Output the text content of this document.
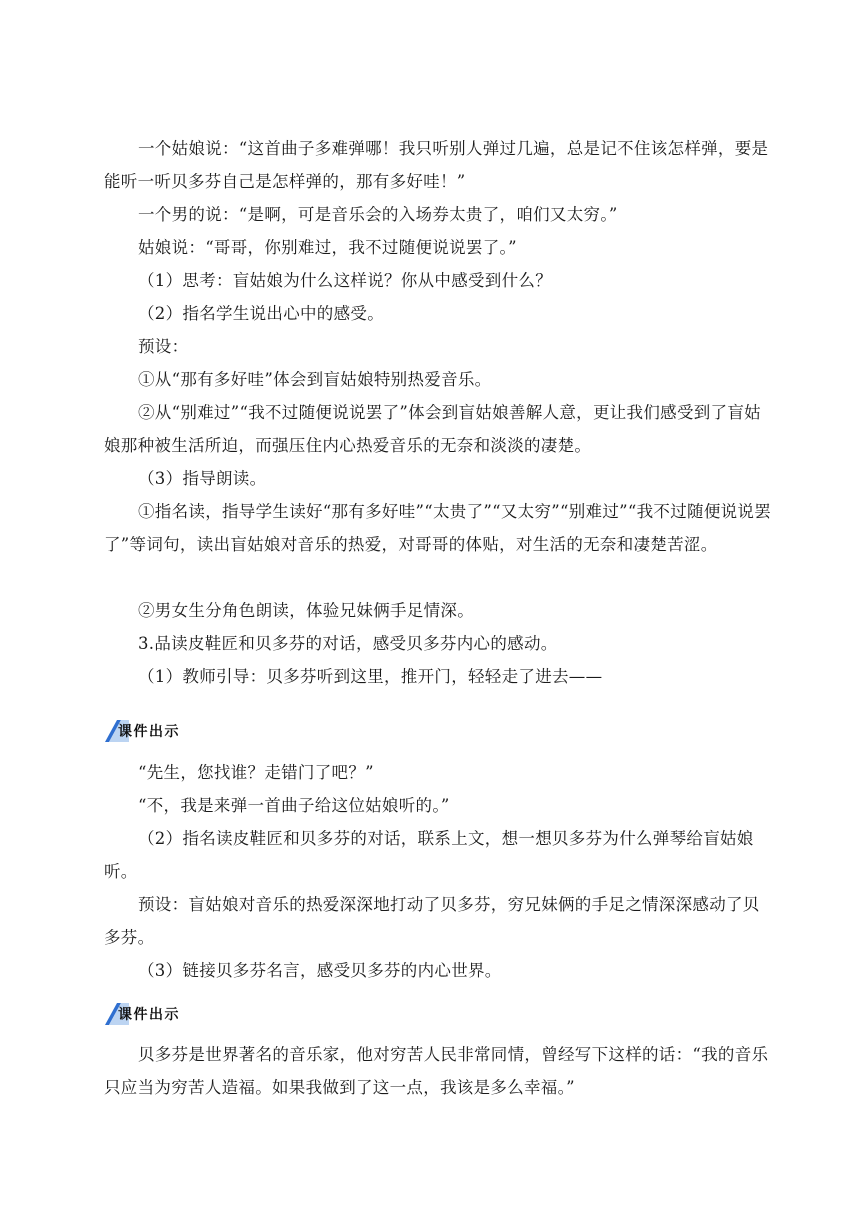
一个姑娘说：“这首曲子多难弹哪！我只听别人弹过几遍，总是记不住该怎样弹，要是能听一听贝多芬自己是怎样弹的，那有多好哇！”

一个男的说：“是啊，可是音乐会的入场券太贵了，咱们又太穷。”

姑娘说：“哥哥，你别难过，我不过随便说说罢了。”

（1）思考：盲姑娘为什么这样说？你从中感受到什么？

（2）指名学生说出心中的感受。

预设：

①从“那有多好哇”体会到盲姑娘特别热爱音乐。

②从“别难过”“我不过随便说说罢了”体会到盲姑娘善解人意，更让我们感受到了盲姑娘那种被生活所迫，而强压住内心热爱音乐的无奈和淡淡的凄楚。

（3）指导朗读。

①指名读，指导学生读好“那有多好哇”“太贵了”“又太穷”“别难过”“我不过随便说说罢了”等词句，读出盲姑娘对音乐的热爱，对哥哥的体贴，对生活的无奈和凄楚苦涩。

②男女生分角色朗读，体验兄妹俩手足情深。

3.品读皮鞋匠和贝多芬的对话，感受贝多芬内心的感动。

（1）教师引导：贝多芬听到这里，推开门，轻轻走了进去——

课件出示

“先生，您找谁？走错门了吧？”

“不，我是来弹一首曲子给这位姑娘听的。”

（2）指名读皮鞋匠和贝多芬的对话，联系上文，想一想贝多芬为什么弹琴给盲姑娘听。

预设：盲姑娘对音乐的热爱深深地打动了贝多芬，穷兄妹俩的手足之情深深感动了贝多芬。

（3）链接贝多芬名言，感受贝多芬的内心世界。

课件出示

贝多芬是世界著名的音乐家，他对穷苦人民非常同情，曾经写下这样的话：“我的音乐只应当为穷苦人造福。如果我做到了这一点，我该是多么幸福。”
